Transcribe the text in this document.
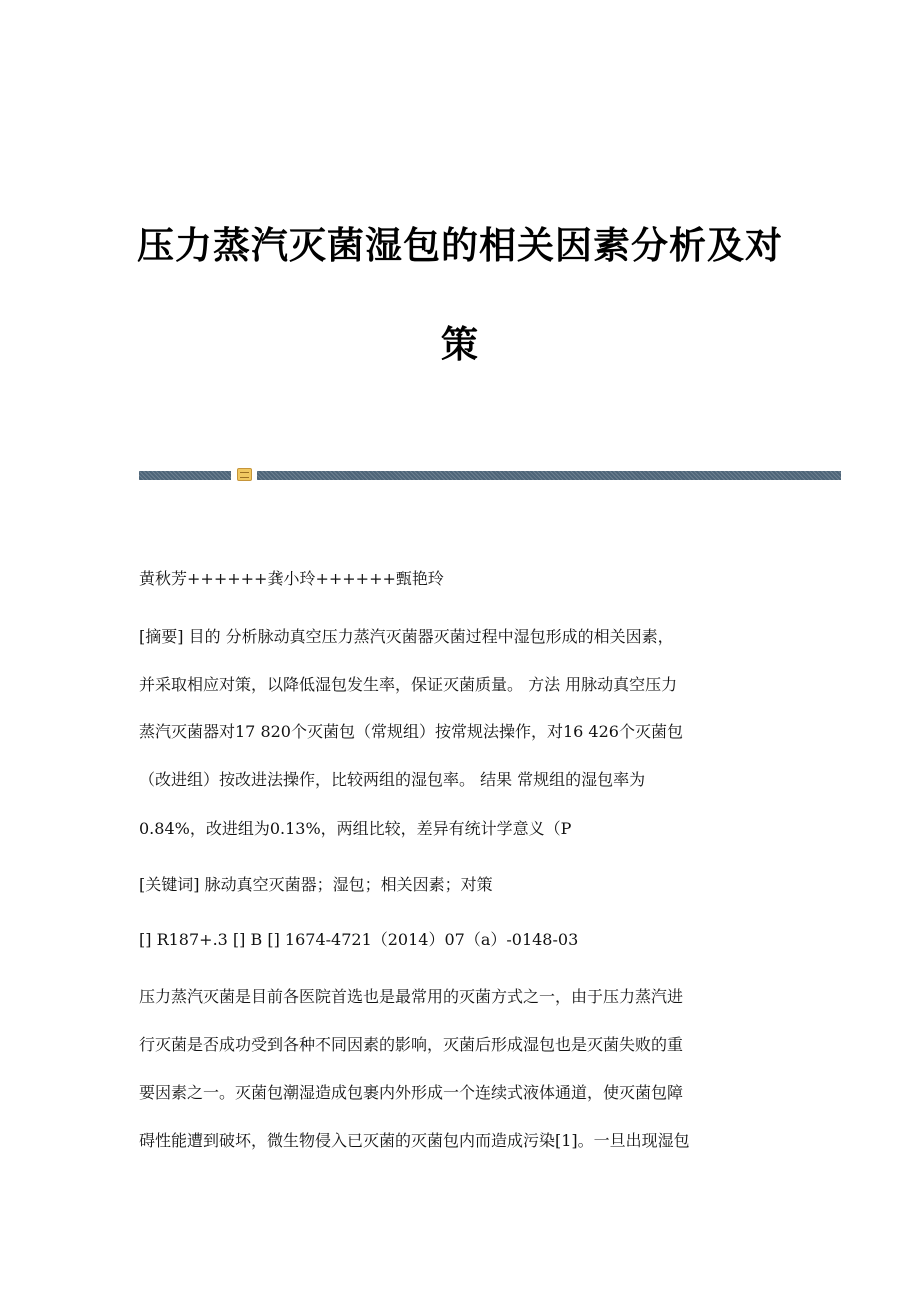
压力蒸汽灭菌湿包的相关因素分析及对
策
黄秋芳++++++龚小玲++++++甄艳玲
[摘要] 目的 分析脉动真空压力蒸汽灭菌器灭菌过程中湿包形成的相关因素，
并采取相应对策，以降低湿包发生率，保证灭菌质量。 方法 用脉动真空压力
蒸汽灭菌器对17 820个灭菌包（常规组）按常规法操作，对16 426个灭菌包
（改进组）按改进法操作，比较两组的湿包率。 结果 常规组的湿包率为
0.84%，改进组为0.13%，两组比较，差异有统计学意义（P
[关键词] 脉动真空灭菌器；湿包；相关因素；对策
[] R187+.3 [] B [] 1674-4721（2014）07（a）-0148-03
压力蒸汽灭菌是目前各医院首选也是最常用的灭菌方式之一，由于压力蒸汽进
行灭菌是否成功受到各种不同因素的影响，灭菌后形成湿包也是灭菌失败的重
要因素之一。灭菌包潮湿造成包裹内外形成一个连续式液体通道，使灭菌包障
碍性能遭到破坏，微生物侵入已灭菌的灭菌包内而造成污染[1]。一旦出现湿包
